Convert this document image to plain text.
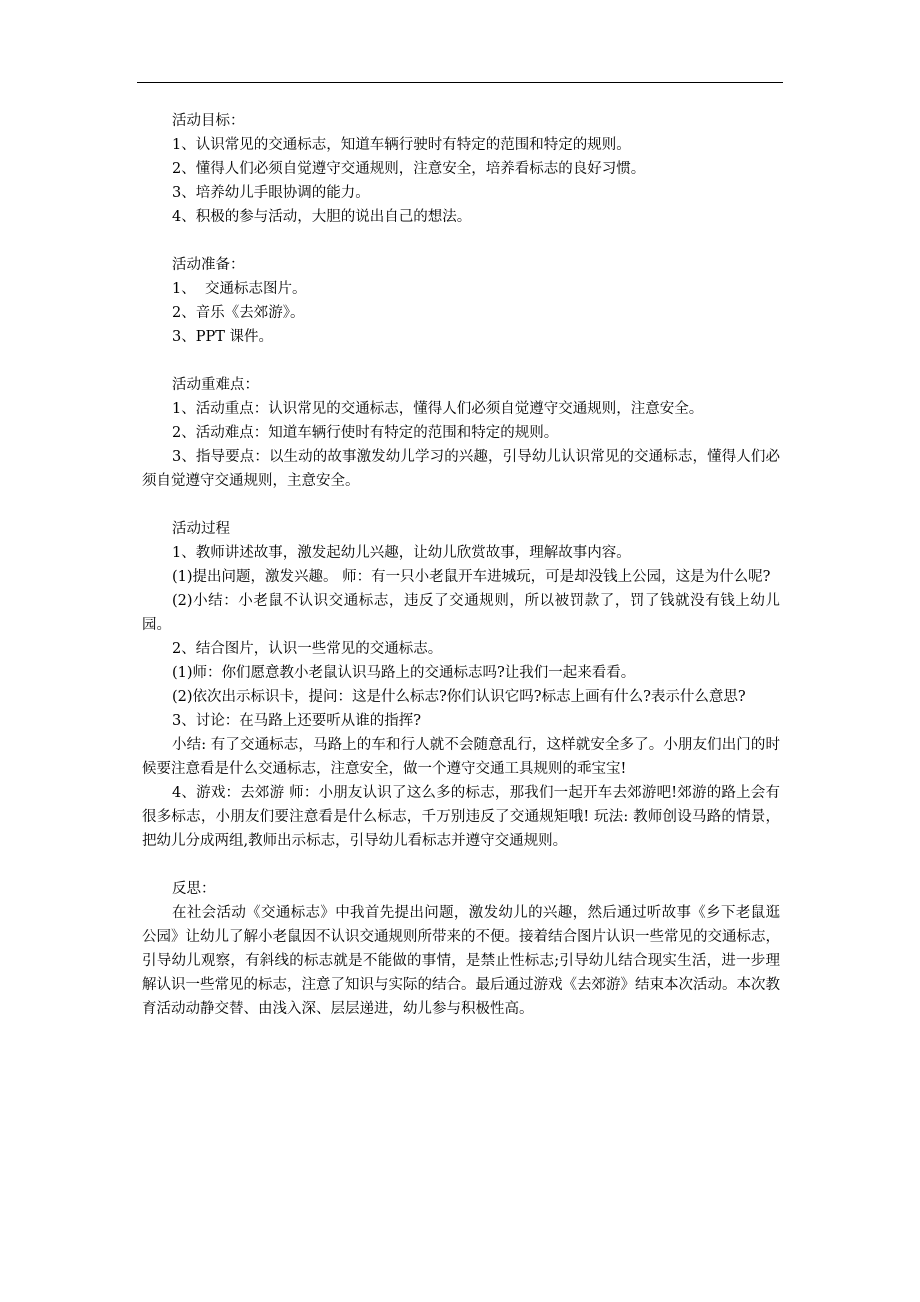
活动目标：

1、认识常见的交通标志，知道车辆行驶时有特定的范围和特定的规则。

2、懂得人们必须自觉遵守交通规则，注意安全，培养看标志的良好习惯。

3、培养幼儿手眼协调的能力。

4、积极的参与活动，大胆的说出自己的想法。

活动准备：

1、  交通标志图片。

2、音乐《去郊游》。

3、PPT 课件。

活动重难点：

1、活动重点：认识常见的交通标志，懂得人们必须自觉遵守交通规则，注意安全。

2、活动难点：知道车辆行使时有特定的范围和特定的规则。

3、指导要点：以生动的故事激发幼儿学习的兴趣，引导幼儿认识常见的交通标志，懂得人们必须自觉遵守交通规则，主意安全。

活动过程

1、教师讲述故事，激发起幼儿兴趣，让幼儿欣赏故事，理解故事内容。

(1)提出问题，激发兴趣。 师：有一只小老鼠开车进城玩，可是却没钱上公园，这是为什么呢?

(2)小结：小老鼠不认识交通标志，违反了交通规则，所以被罚款了，罚了钱就没有钱上幼儿园。

2、结合图片，认识一些常见的交通标志。

(1)师：你们愿意教小老鼠认识马路上的交通标志吗?让我们一起来看看。

(2)依次出示标识卡，提问：这是什么标志?你们认识它吗?标志上画有什么?表示什么意思?

3、讨论：在马路上还要听从谁的指挥?

小结: 有了交通标志，马路上的车和行人就不会随意乱行，这样就安全多了。小朋友们出门的时候要注意看是什么交通标志，注意安全，做一个遵守交通工具规则的乖宝宝!

4、游戏：去郊游 师：小朋友认识了这么多的标志，那我们一起开车去郊游吧!郊游的路上会有很多标志，小朋友们要注意看是什么标志，千万别违反了交通规矩哦! 玩法: 教师创设马路的情景，把幼儿分成两组,教师出示标志，引导幼儿看标志并遵守交通规则。

反思：

在社会活动《交通标志》中我首先提出问题，激发幼儿的兴趣，然后通过听故事《乡下老鼠逛公园》让幼儿了解小老鼠因不认识交通规则所带来的不便。接着结合图片认识一些常见的交通标志，引导幼儿观察，有斜线的标志就是不能做的事情，是禁止性标志;引导幼儿结合现实生活，进一步理解认识一些常见的标志，注意了知识与实际的结合。最后通过游戏《去郊游》结束本次活动。本次教育活动动静交替、由浅入深、层层递进，幼儿参与积极性高。
